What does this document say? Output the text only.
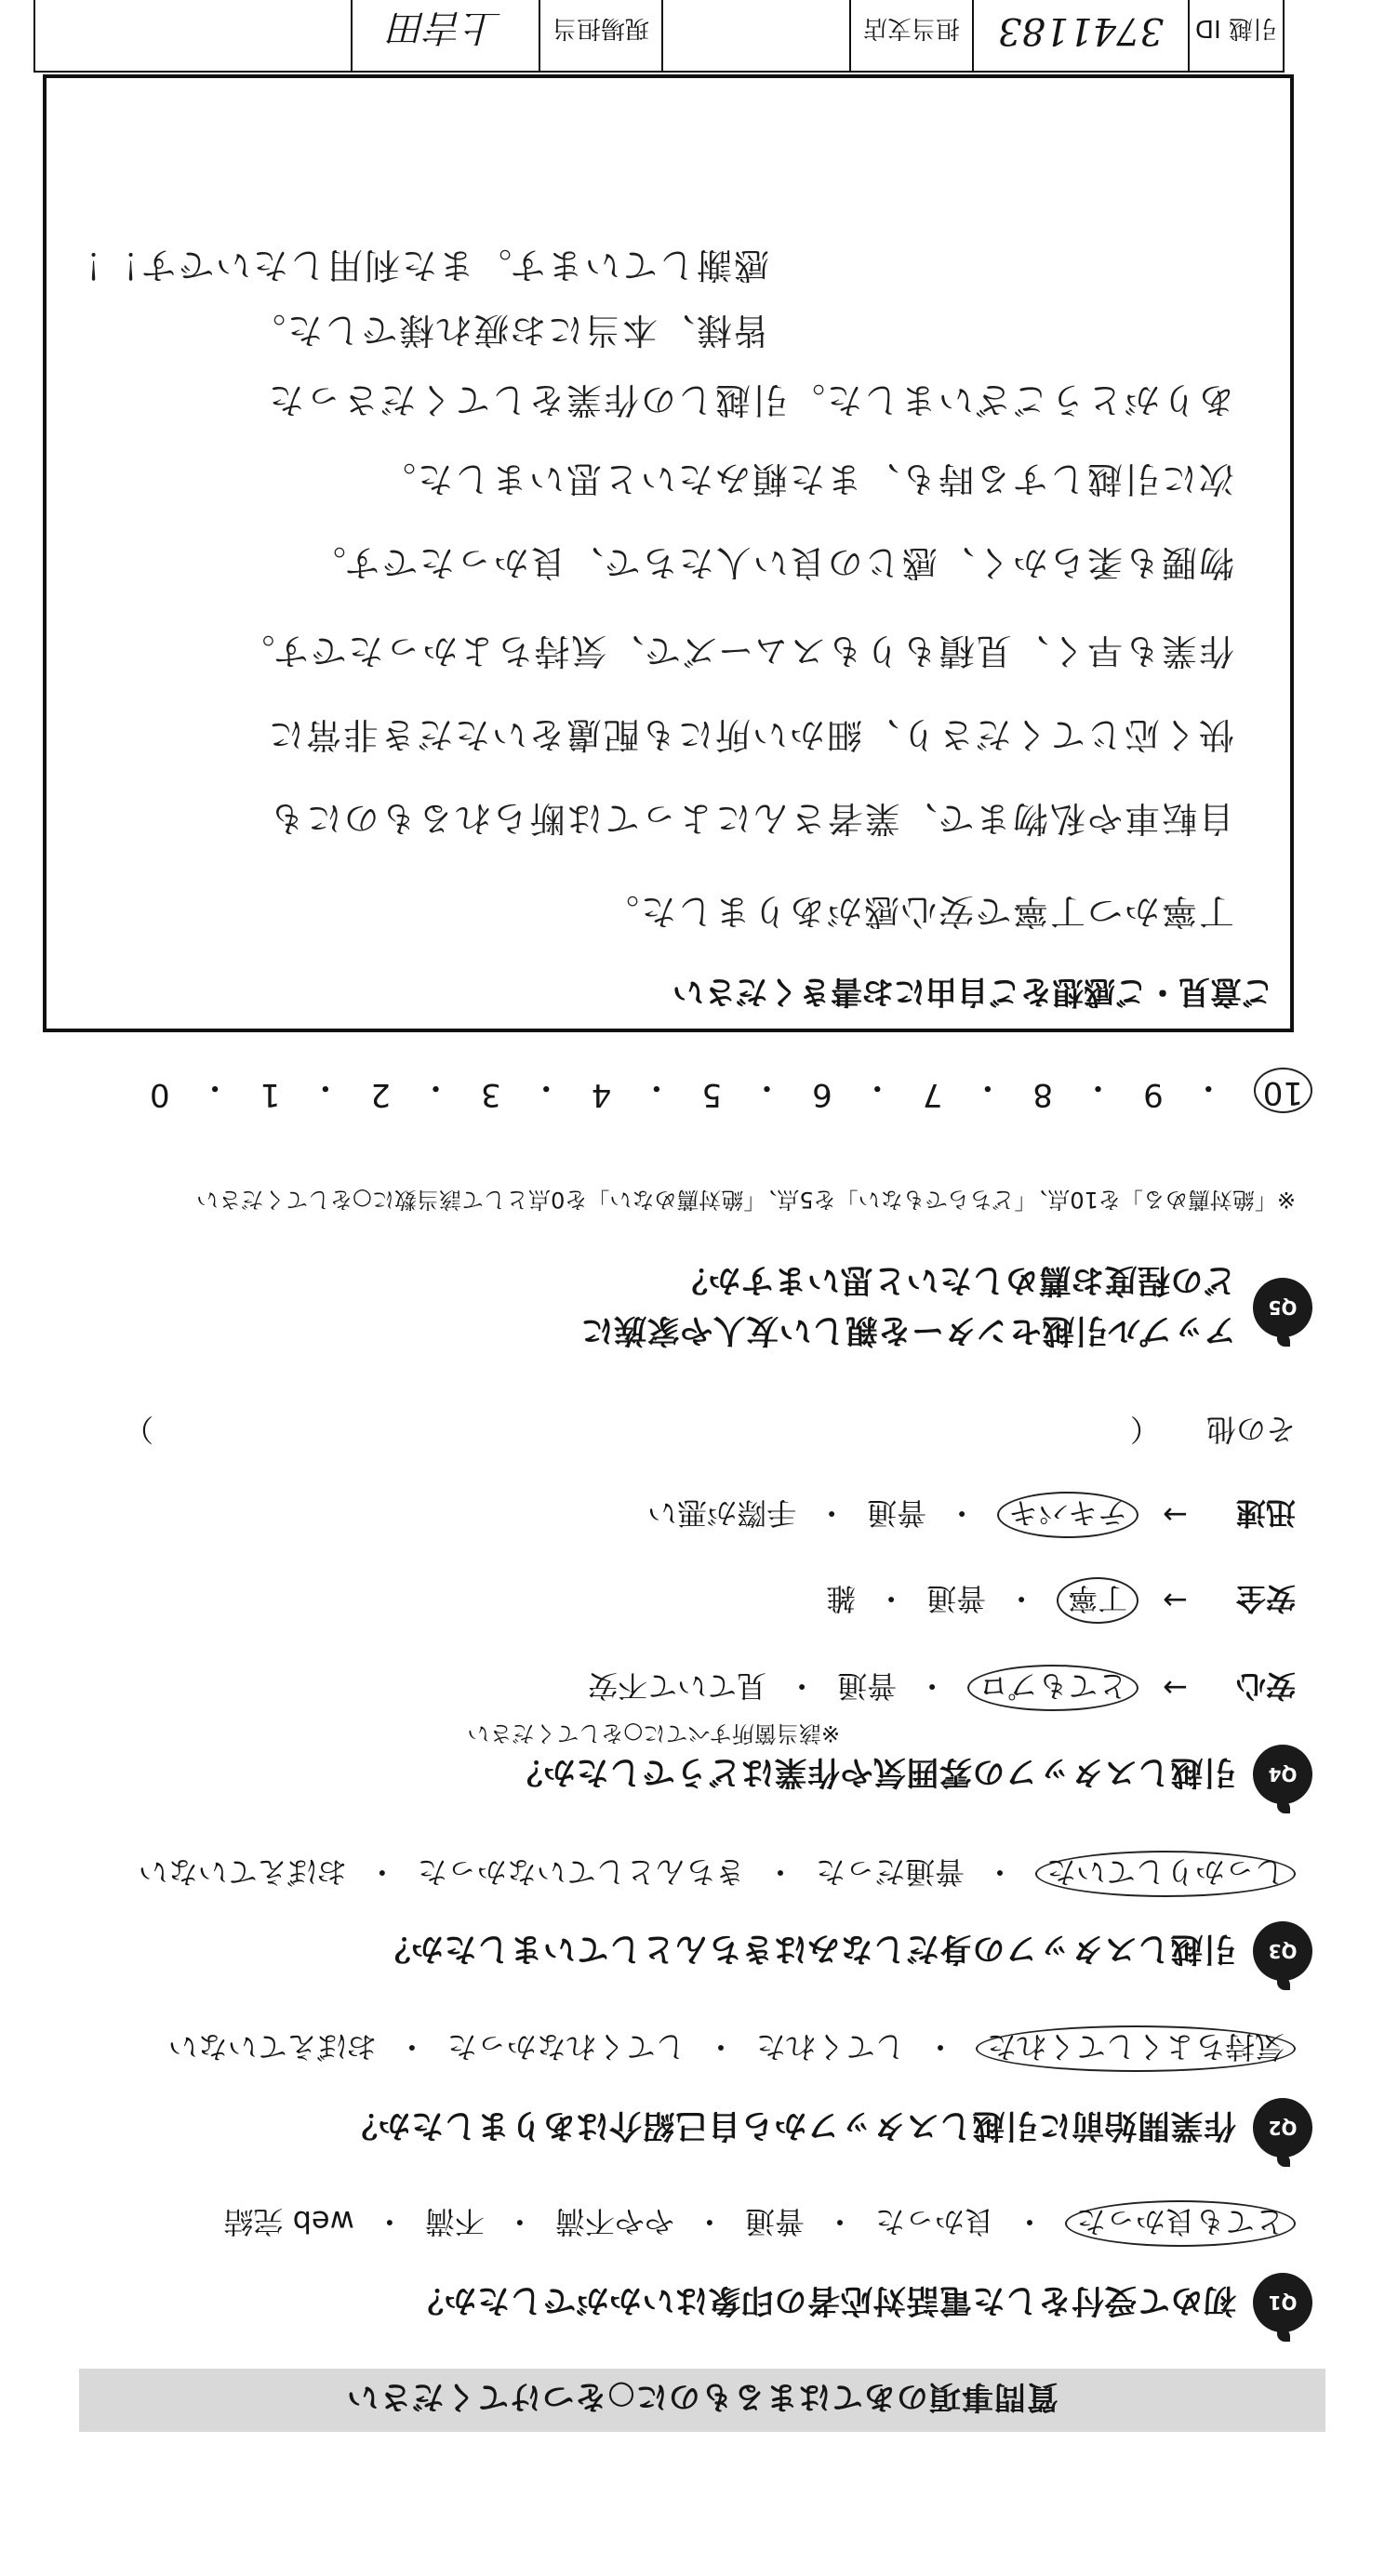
質問事項のあてはまるものに○をつけてください
Q1
初めて受付をした電話対応者の印象はいかがでしたか？
とても良かった
・
良かった
・
普通
・
やや不満
・
不満
・
web 完結
Q2
作業開始前に引越しスタッフから自己紹介はありましたか？
気持ちよくしてくれた
・
してくれた
・
してくれなかった
・
おぼえていない
Q3
引越しスタッフの身だしなみはきちんとしていましたか？
しっかりしていた
・
普通だった
・
きちんとしていなかった
・
おぼえていない
Q4
引越しスタッフの雰囲気や作業はどうでしたか？
※該当箇所すべてに○をしてください
安心
→
とてもプロ
・
普通
・
見ていて不安
安全
→
丁寧
・
普通
・
雑
迅速
→
テキパキ
・
普通
・
手際が悪い
その他
（
）
Q5
アップル引越センターを親しい友人や家族に
どの程度お薦めしたいと思いますか？
※「絶対薦める」を10点、「どちらでもない」を5点、「絶対薦めない」を0点として該当数に○をしてください
10
・
9
・
8
・
7
・
6
・
5
・
4
・
3
・
2
・
1
・
0
ご意見・ご感想をご自由にお書きください
丁寧かつ丁寧で安心感がありました。
自転車や私物まで、業者さんによっては断られるものにも
快く応じてくださり、細かい所にも配慮をいただき非常に
作業も早く、見積もりもスムーズで、気持ちよかったです。
物腰も柔らかく、感じの良い人たちで、良かったです。
次に引越しする時も、また頼みたいと思いました。
ありがとうございました。引越しの作業をしてくださった
皆様、本当にお疲れ様でした。
感謝しています。また利用したいです！！
引越 ID
3741183
担当支店
現場担当
上吉田
